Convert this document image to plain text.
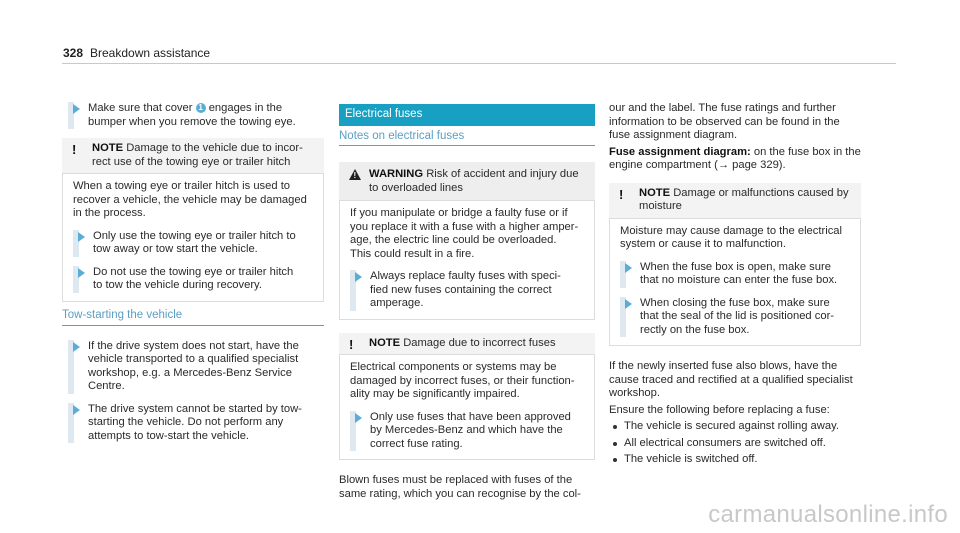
328 Breakdown assistance
Make sure that cover 1 engages in the
bumper when you remove the towing eye.
! NOTE Damage to the vehicle due to incor-
rect use of the towing eye or trailer hitch
When a towing eye or trailer hitch is used to
recover a vehicle, the vehicle may be damaged
in the process.
Only use the towing eye or trailer hitch to
tow away or tow start the vehicle.
Do not use the towing eye or trailer hitch
to tow the vehicle during recovery.
Tow-starting the vehicle
If the drive system does not start, have the
vehicle transported to a qualified specialist
workshop, e.g. a Mercedes-Benz Service
Centre.
The drive system cannot be started by tow-
starting the vehicle. Do not perform any
attempts to tow-start the vehicle.
Electrical fuses
Notes on electrical fuses
! WARNING Risk of accident and injury due
to overloaded lines
If you manipulate or bridge a faulty fuse or if
you replace it with a fuse with a higher amper-
age, the electric line could be overloaded.
This could result in a fire.
Always replace faulty fuses with speci-
fied new fuses containing the correct
amperage.
! NOTE Damage due to incorrect fuses
Electrical components or systems may be
damaged by incorrect fuses, or their function-
ality may be significantly impaired.
Only use fuses that have been approved
by Mercedes-Benz and which have the
correct fuse rating.
Blown fuses must be replaced with fuses of the
same rating, which you can recognise by the col-
our and the label. The fuse ratings and further
information to be observed can be found in the
fuse assignment diagram.
Fuse assignment diagram: on the fuse box in the
engine compartment (→ page 329).
! NOTE Damage or malfunctions caused by
moisture
Moisture may cause damage to the electrical
system or cause it to malfunction.
When the fuse box is open, make sure
that no moisture can enter the fuse box.
When closing the fuse box, make sure
that the seal of the lid is positioned cor-
rectly on the fuse box.
If the newly inserted fuse also blows, have the
cause traced and rectified at a qualified specialist
workshop.
Ensure the following before replacing a fuse:
The vehicle is secured against rolling away.
All electrical consumers are switched off.
The vehicle is switched off.
carmanualsonline.info
